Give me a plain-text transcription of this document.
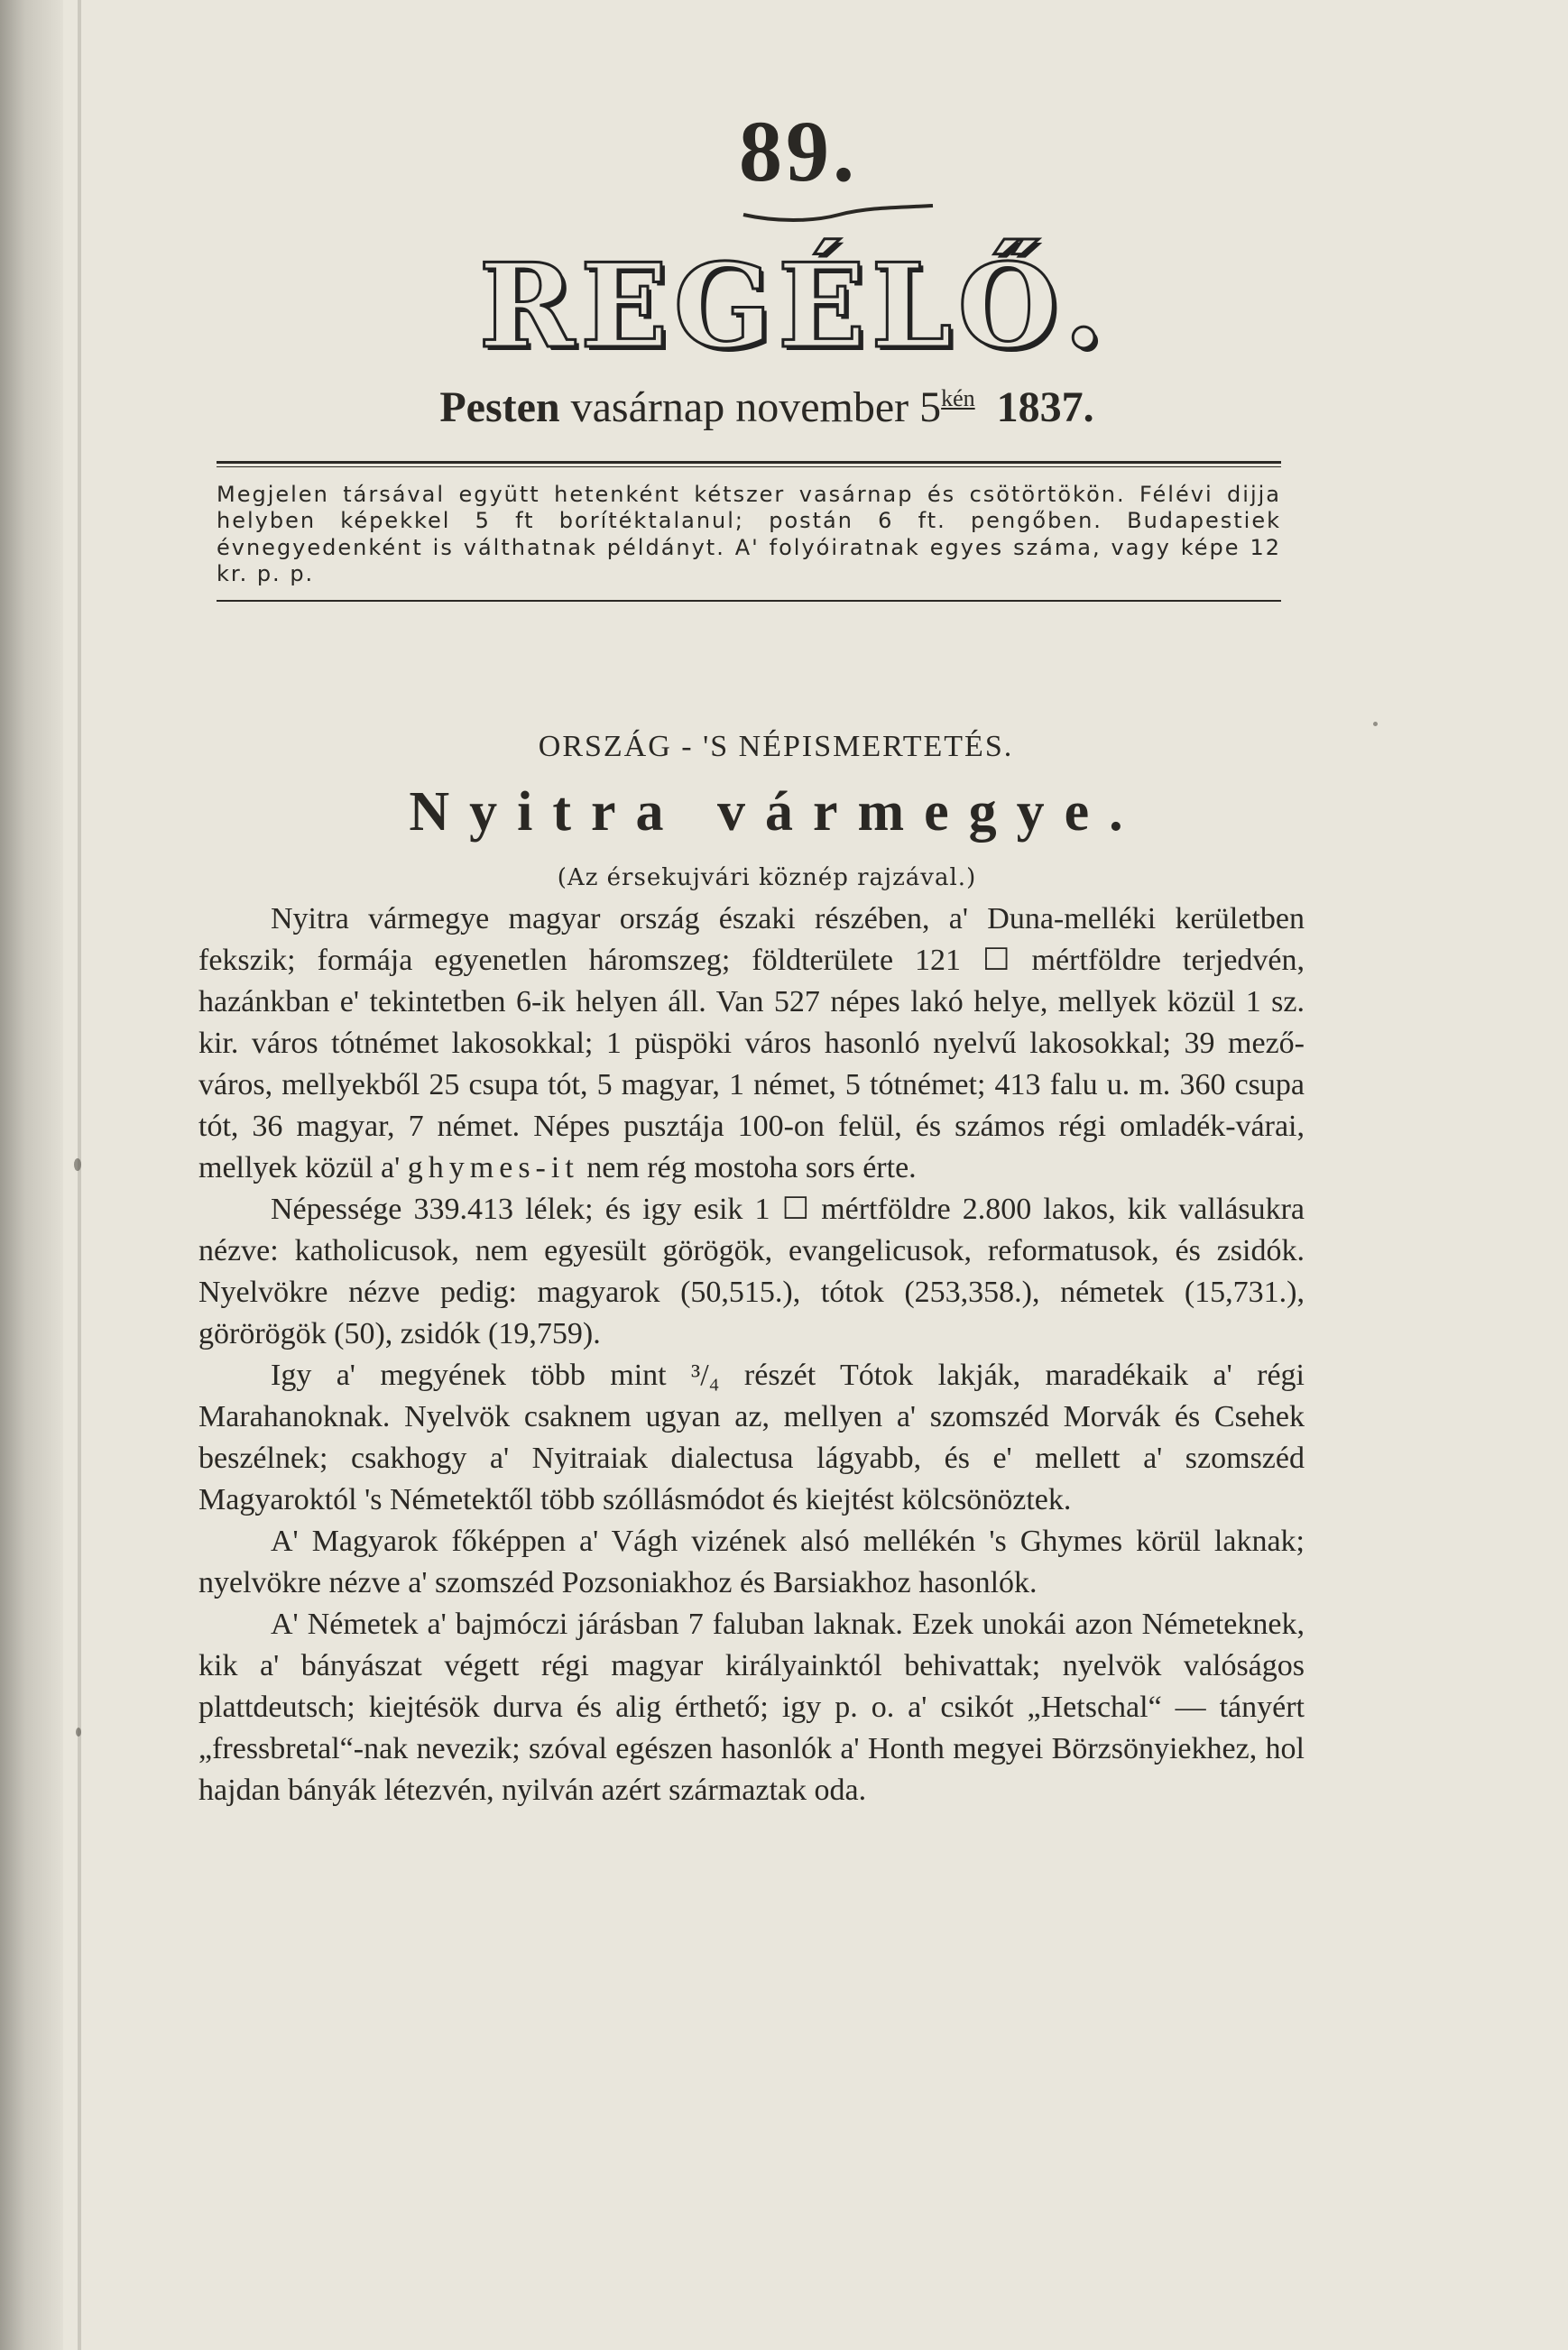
89.
REGÉLŐ.
Pesten vasárnap november $5^{kén}$ 1837.
Megjelen társával együtt hetenként kétszer vasárnap és csötörtökön. Félévi dijja helyben képekkel 5 ft borítéktalanul; postán 6 ft. pengőben. Budapestiek évnegyedenként is válthatnak példányt. A' folyóiratnak egyes száma, vagy képe 12 kr. p. p.
ORSZÁG - 'S NÉPISMERTETÉS.
Nyitra vármegye.
(Az érsekujvári köznép rajzával.)

Nyitra vármegye magyar ország északi részében, a' Duna-melléki kerületben fekszik; formája egyenetlen háromszeg; földterülete 121 ☐ mértföldre terjedvén, hazánkban e' tekintetben 6-ik helyen áll. Van 527 népes lakó helye, mellyek közül 1 sz. kir. város tótnémet lakosokkal; 1 püspöki város hasonló nyelvű lakosokkal; 39 mező-város, mellyekből 25 csupa tót, 5 magyar, 1 német, 5 tótnémet; 413 falu u. m. 360 csupa tót, 36 magyar, 7 német. Népes pusztája 100-on felül, és számos régi omladék-várai, mellyek közül a' ghymes-it nem rég mostoha sors érte.

Népessége 339.413 lélek; és igy esik 1 ☐ mértföldre 2.800 lakos, kik vallásukra nézve: katholicusok, nem egyesült görögök, evangelicusok, reformatusok, és zsidók. Nyelvökre nézve pedig: magyarok (50,515.), tótok (253,358.), németek (15,731.), görörögök (50), zsidók (19,759).

Igy a' megyének több mint ³/₄ részét Tótok lakják, maradékaik a' régi Marahanoknak. Nyelvök csaknem ugyan az, mellyen a' szomszéd Morvák és Csehek beszélnek; csakhogy a' Nyitraiak dialectusa lágyabb, és e' mellett a' szomszéd Magyaroktól 's Németektől több szóllásmódot és kiejtést kölcsönöztek.

A' Magyarok főképpen a' Vágh vizének alsó mellékén 's Ghymes körül laknak; nyelvökre nézve a' szomszéd Pozsoniakhoz és Barsiakhoz hasonlók.

A' Németek a' bajmóczi járásban 7 faluban laknak. Ezek unokái azon Németeknek, kik a' bányászat végett régi magyar királyainktól behivattak; nyelvök valóságos plattdeutsch; kiejtésök durva és alig érthető; igy p. o. a' csikót „Hetschal“ — tányért „fressbretal“-nak nevezik; szóval egészen hasonlók a' Honth megyei Börzsönyiekhez, hol hajdan bányák létezvén, nyilván azért származtak oda.
